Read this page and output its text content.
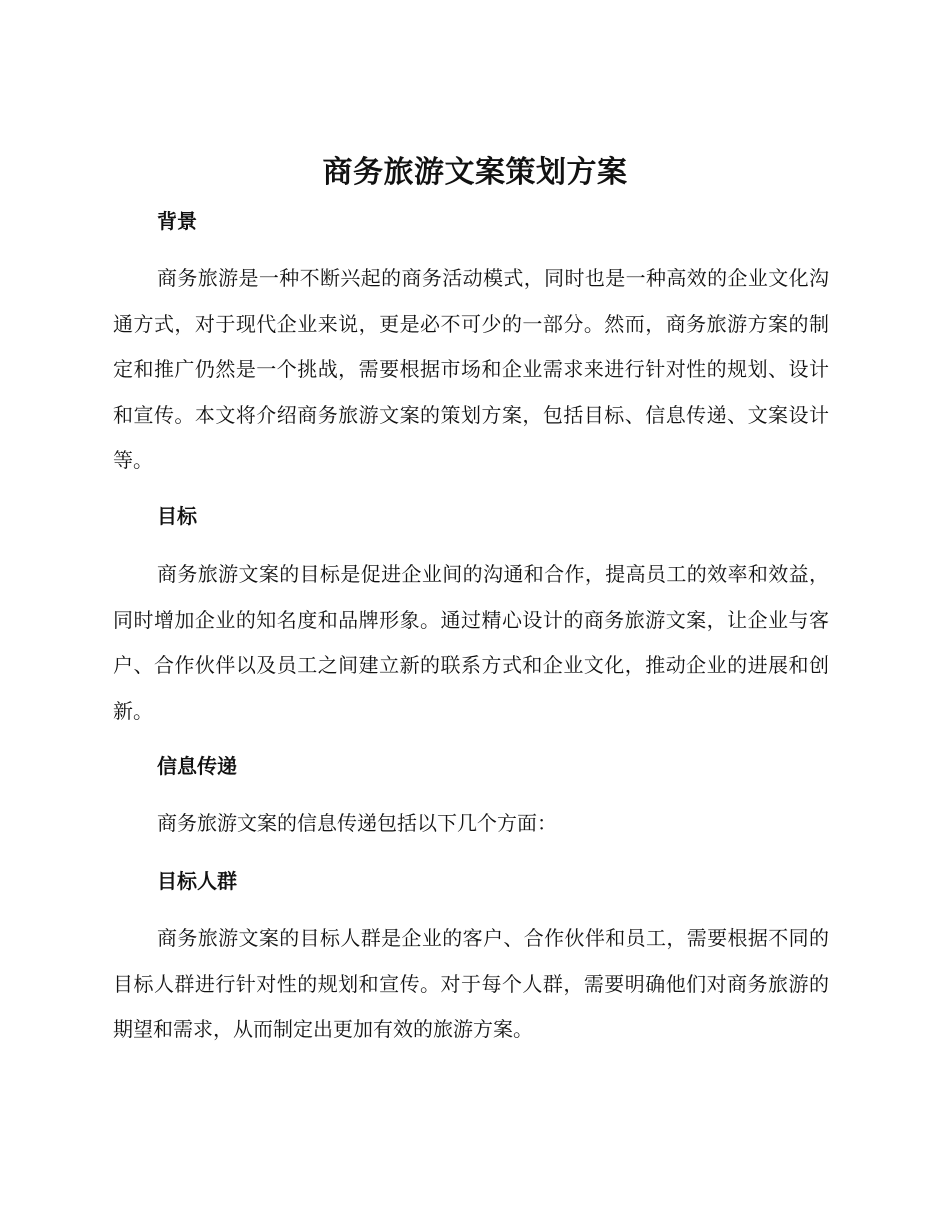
商务旅游文案策划方案
背景
商务旅游是一种不断兴起的商务活动模式，同时也是一种高效的企业文化沟通方式，对于现代企业来说，更是必不可少的一部分。然而，商务旅游方案的制定和推广仍然是一个挑战，需要根据市场和企业需求来进行针对性的规划、设计和宣传。本文将介绍商务旅游文案的策划方案，包括目标、信息传递、文案设计等。
目标
商务旅游文案的目标是促进企业间的沟通和合作，提高员工的效率和效益，同时增加企业的知名度和品牌形象。通过精心设计的商务旅游文案，让企业与客户、合作伙伴以及员工之间建立新的联系方式和企业文化，推动企业的进展和创新。
信息传递
商务旅游文案的信息传递包括以下几个方面：
目标人群
商务旅游文案的目标人群是企业的客户、合作伙伴和员工，需要根据不同的目标人群进行针对性的规划和宣传。对于每个人群，需要明确他们对商务旅游的期望和需求，从而制定出更加有效的旅游方案。
